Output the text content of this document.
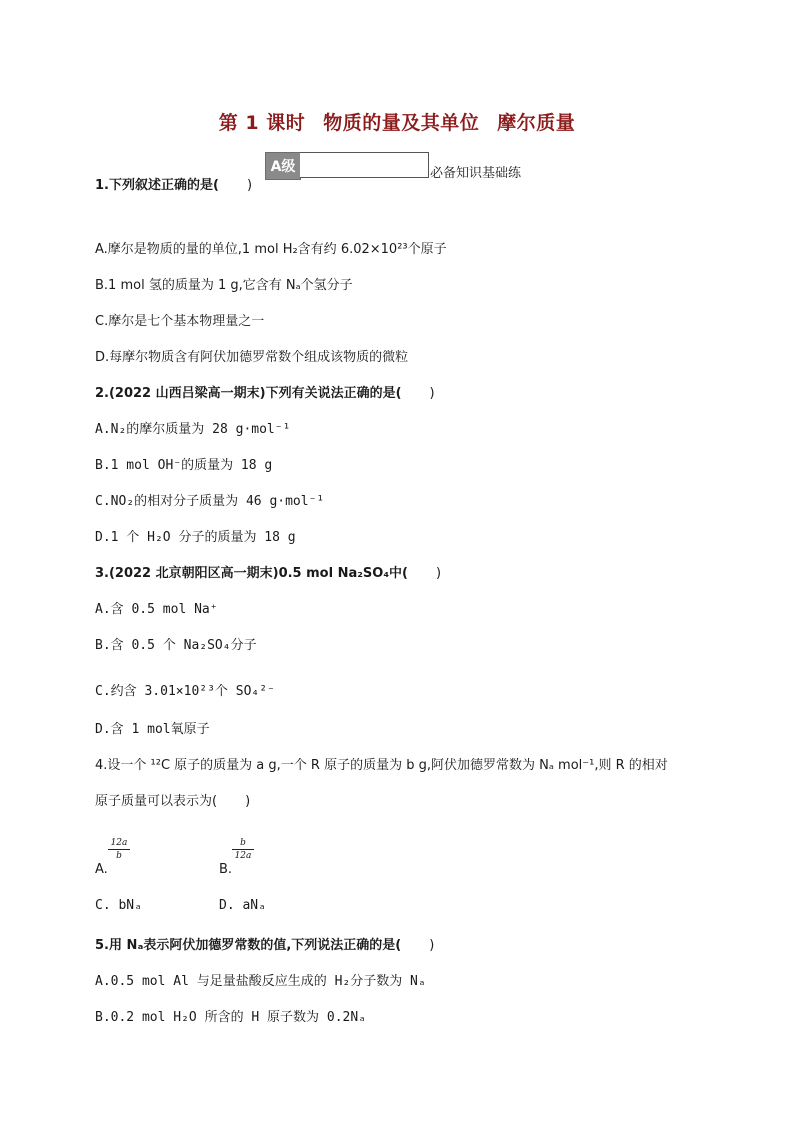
第 1 课时 物质的量及其单位 摩尔质量
A级	必备知识基础练
1.下列叙述正确的是( )
A.摩尔是物质的量的单位,1 mol H₂含有约 6.02×10²³个原子
B.1 mol 氢的质量为 1 g,它含有 Nₐ个氢分子
C.摩尔是七个基本物理量之一
D.每摩尔物质含有阿伏加德罗常数个组成该物质的微粒
2.(2022 山西吕梁高一期末)下列有关说法正确的是( )
A.N₂的摩尔质量为 28 g·mol⁻¹
B.1 mol OH⁻的质量为 18 g
C.NO₂的相对分子质量为 46 g·mol⁻¹
D.1 个 H₂O 分子的质量为 18 g
3.(2022 北京朝阳区高一期末)0.5 mol Na₂SO₄中( )
A.含 0.5 mol Na⁺
B.含 0.5 个 Na₂SO₄分子
C.约含 3.01×10²³个 SO₄²⁻
D.含 1 mol氧原子
4.设一个 ¹²C 原子的质量为 a g,一个 R 原子的质量为 b g,阿伏加德罗常数为 Nₐ mol⁻¹,则 R 的相对
原子质量可以表示为( )
$\frac{12a}{b}$
A.
$\frac{b}{12a}$
B.
C. bNₐ	D. aNₐ
5.用 Nₐ表示阿伏加德罗常数的值,下列说法正确的是( )
A.0.5 mol Al 与足量盐酸反应生成的 H₂分子数为 Nₐ
B.0.2 mol H₂O 所含的 H 原子数为 0.2Nₐ
